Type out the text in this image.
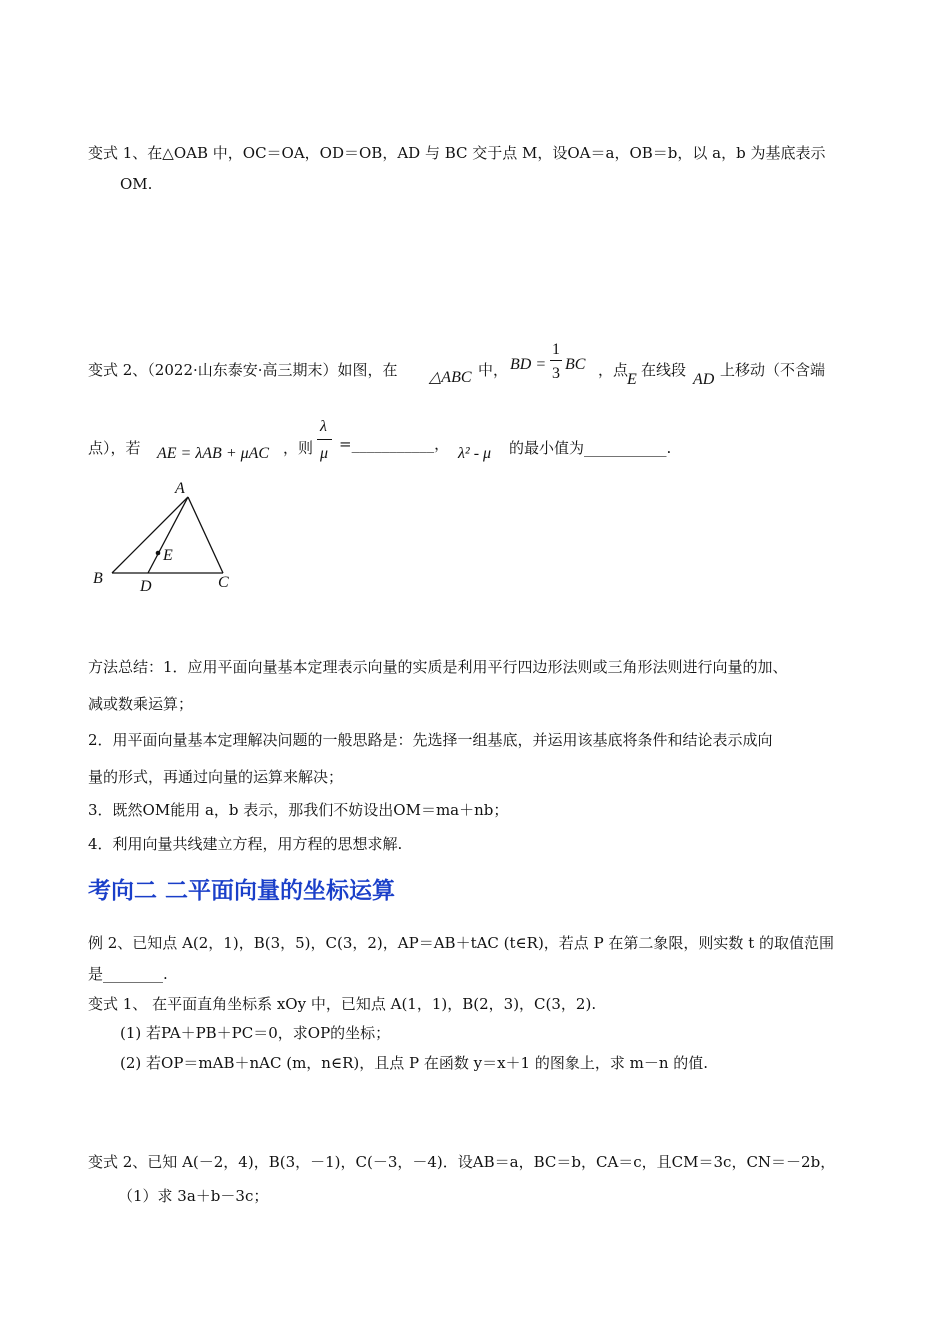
变式 1、在△OAB 中，OC＝OA，OD＝OB，AD 与 BC 交于点 M，设OA＝a，OB＝b，以 a，b 为基底表示
OM.
变式 2、（2022·山东泰安·高三期末）如图，在 △ABC 中， BD =
1
3
BC ，点
E
在线段
AD
上移动（不含端
点），若 AE = λAB + μAC ，则
λ
μ
=___________，
λ² - μ 的最小值为___________.
A
B	C
D
E
方法总结：1．应用平面向量基本定理表示向量的实质是利用平行四边形法则或三角形法则进行向量的加、
减或数乘运算；
2．用平面向量基本定理解决问题的一般思路是：先选择一组基底，并运用该基底将条件和结论表示成向
量的形式，再通过向量的运算来解决；
3．既然OM能用 a，b 表示，那我们不妨设出OM＝ma＋nb；
4．利用向量共线建立方程，用方程的思想求解.
考向二 二平面向量的坐标运算
例 2、已知点 A(2，1)，B(3，5)，C(3，2)，AP＝AB＋tAC (t∈R)，若点 P 在第二象限，则实数 t 的取值范围
是________.
变式 1、 在平面直角坐标系 xOy 中，已知点 A(1，1)，B(2，3)，C(3，2).
(1) 若PA＋PB＋PC＝0，求OP的坐标；
(2) 若OP＝mAB＋nAC (m，n∈R)，且点 P 在函数 y＝x＋1 的图象上，求 m－n 的值.
变式 2、已知 A(－2，4)，B(3，－1)，C(－3，－4)．设AB＝a，BC＝b，CA＝c，且CM＝3c，CN＝－2b，
（1）求 3a＋b－3c；
